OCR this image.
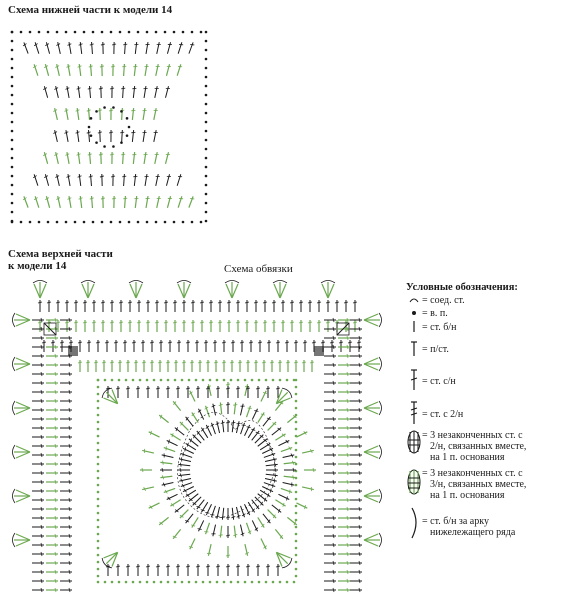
Схема нижней части к модели 14
Схема верхней части
к модели 14	Схема обвязки
Условные обозначения:
= соед. ст.
= в. п.
= ст. б/н
= п/ст.
= ст. с/н
= ст. с 2/н
= 3 незаконченных ст. с
2/н, связанных вместе,
на 1 п. основания
= 3 незаконченных ст. с
3/н, связанных вместе,
на 1 п. основания
= ст. б/н за арку
нижележащего ряда
